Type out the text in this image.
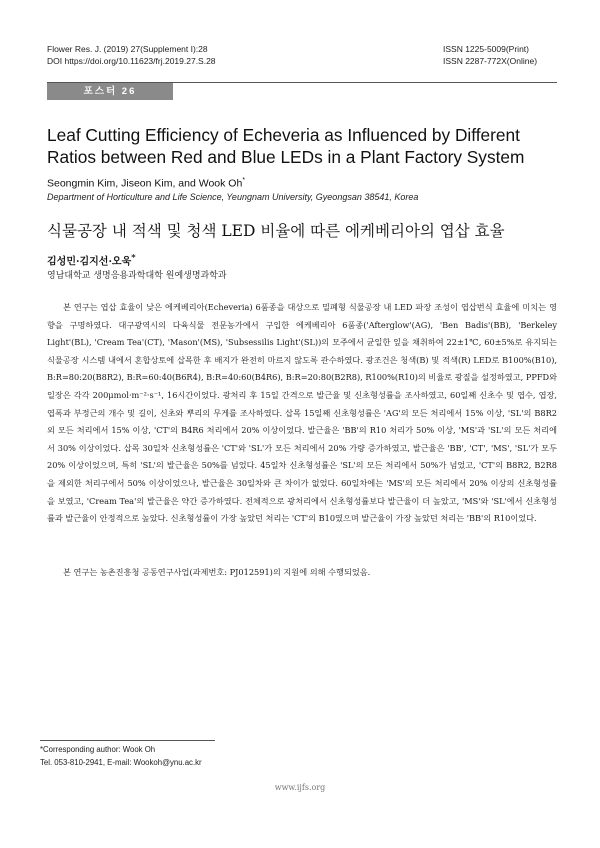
Flower Res. J. (2019) 27(Supplement I):28
DOI https://doi.org/10.11623/frj.2019.27.S.28
ISSN 1225-5009(Print)
ISSN 2287-772X(Online)
포스터 26
Leaf Cutting Efficiency of Echeveria as Influenced by Different
Ratios between Red and Blue LEDs in a Plant Factory System
Seongmin Kim, Jiseon Kim, and Wook Oh*
Department of Horticulture and Life Science, Yeungnam University, Gyeongsan 38541, Korea
식물공장 내 적색 및 청색 LED 비율에 따른 에케베리아의 엽삽 효율
김성민·김지선·오욱*
영남대학교 생명응용과학대학 원예생명과학과

본 연구는 엽삽 효율이 낮은 에케베리아(Echeveria) 6품종을 대상으로 밀폐형 식물공장 내 LED 파장 조성이 엽삽번식 효율에 미치는 영향을 구명하였다. 대구광역시의 다육식물 전문농가에서 구입한 에케베리아 6품종('Afterglow'(AG), 'Ben Badis'(BB), 'Berkeley Light'(BL), 'Cream Tea'(CT), 'Mason'(MS), 'Subsessilis Light'(SL))의 모주에서 균일한 잎을 채취하여 22±1℃, 60±5%로 유지되는 식물공장 시스템 내에서 혼합상토에 삽목한 후 배지가 완전히 마르지 않도록 관수하였다. 광조건은 청색(B) 및 적색(R) LED로 B100%(B10), B:R=80:20(B8R2), B:R=60:40(B6R4), B:R=40:60(B4R6), B:R=20:80(B2R8), R100%(R10)의 비율로 광질을 설정하였고, PPFD와 일장은 각각 200μmol·m⁻²·s⁻¹, 16시간이었다. 광처리 후 15일 간격으로 발근율 및 신초형성률을 조사하였고, 60일째 신초수 및 엽수, 엽장, 엽폭과 부정근의 개수 및 길이, 신초와 뿌리의 무게를 조사하였다. 삽목 15일째 신초형성률은 'AG'의 모든 처리에서 15% 이상, 'SL'의 B8R2 외 모든 처리에서 15% 이상, 'CT'의 B4R6 처리에서 20% 이상이었다. 발근율은 'BB'의 R10 처리가 50% 이상, 'MS'과 'SL'의 모든 처리에서 30% 이상이었다. 삽목 30일차 신초형성률은 'CT'와 'SL'가 모든 처리에서 20% 가량 증가하였고, 발근율은 'BB', 'CT', 'MS', 'SL'가 모두 20% 이상이었으며, 특히 'SL'의 발근율은 50%를 넘었다. 45일차 신초형성률은 'SL'의 모든 처리에서 50%가 넘었고, 'CT'의 B8R2, B2R8을 제외한 처리구에서 50% 이상이었으나, 발근율은 30일차와 큰 차이가 없었다. 60일차에는 'MS'의 모든 처리에서 20% 이상의 신초형성률을 보였고, 'Cream Tea'의 발근율은 약간 증가하였다. 전체적으로 광처리에서 신초형성률보다 발근율이 더 높았고, 'MS'와 'SL'에서 신초형성률과 발근율이 안정적으로 높았다. 신초형성률이 가장 높았던 처리는 'CT'의 B10였으며 발근율이 가장 높았던 처리는 'BB'의 R10이었다.

본 연구는 농촌진흥청 공동연구사업(과제번호: PJ012591)의 지원에 의해 수행되었음.
*Corresponding author: Wook Oh
Tel. 053-810-2941, E-mail: Wookoh@ynu.ac.kr
www.ijfs.org
